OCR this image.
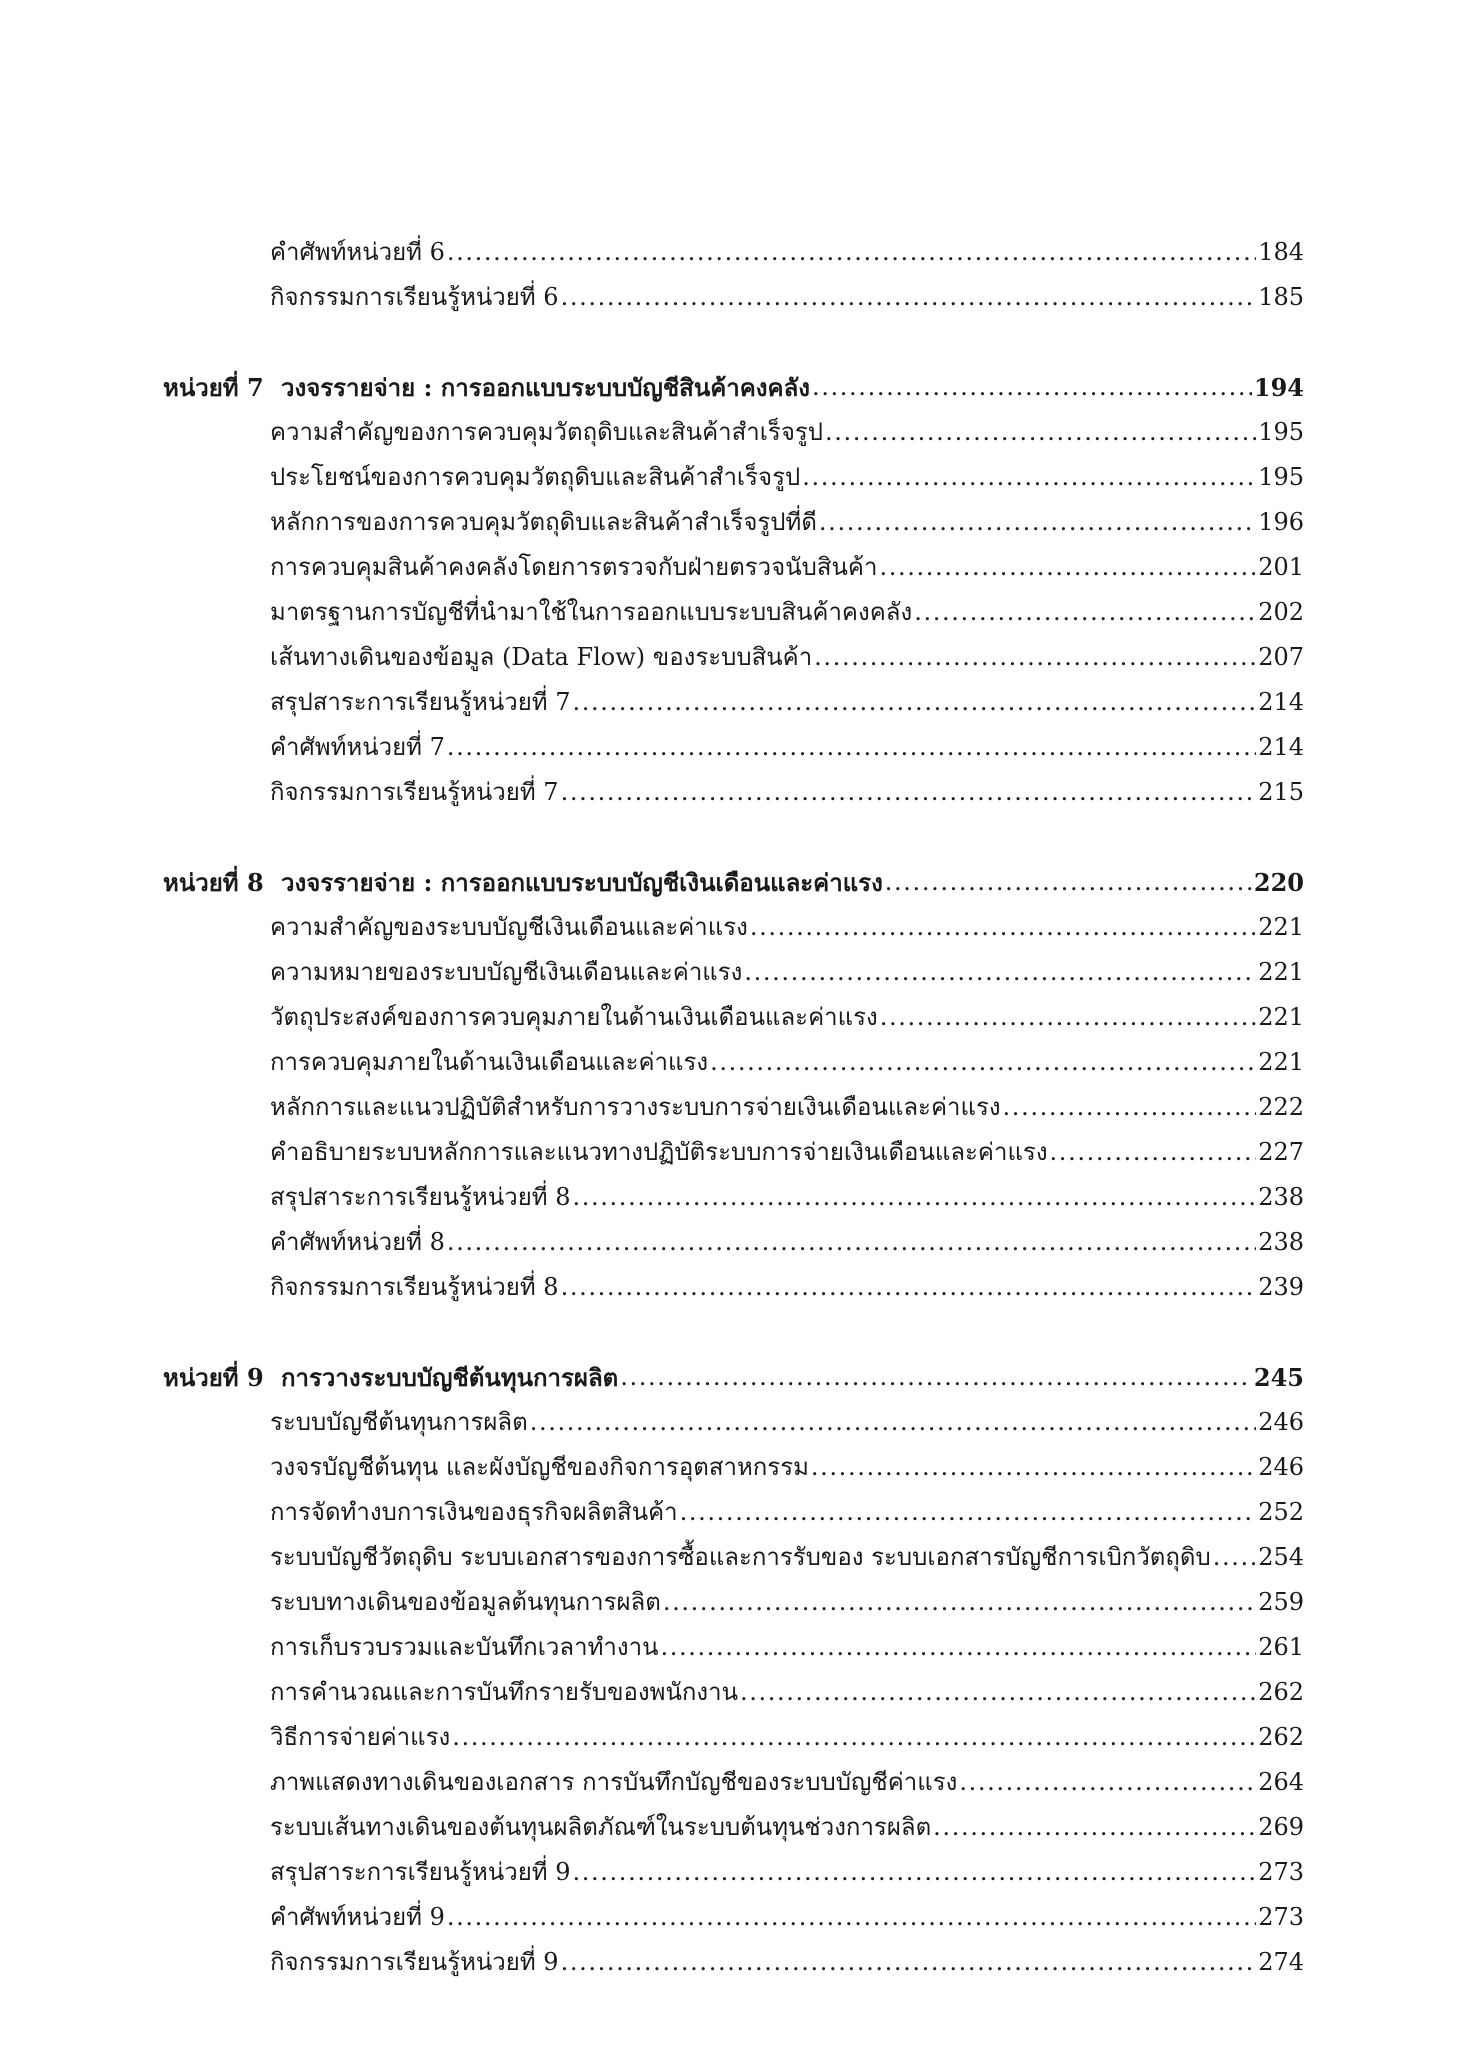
คำศัพท์หน่วยที่ 6 . . .	184
กิจกรรมการเรียนรู้หน่วยที่ 6 . . .	185
หน่วยที่ 7 วงจรรายจ่าย : การออกแบบระบบบัญชีสินค้าคงคลัง . . .	194
ความสำคัญของการควบคุมวัตถุดิบและสินค้าสำเร็จรูป . . .	195
ประโยชน์ของการควบคุมวัตถุดิบและสินค้าสำเร็จรูป . . .	195
หลักการของการควบคุมวัตถุดิบและสินค้าสำเร็จรูปที่ดี . . .	196
การควบคุมสินค้าคงคลังโดยการตรวจกับฝ่ายตรวจนับสินค้า . . .	201
มาตรฐานการบัญชีที่นำมาใช้ในการออกแบบระบบสินค้าคงคลัง . . .	202
เส้นทางเดินของข้อมูล (Data Flow) ของระบบสินค้า . . .	207
สรุปสาระการเรียนรู้หน่วยที่ 7 . . .	214
คำศัพท์หน่วยที่ 7 . . .	214
กิจกรรมการเรียนรู้หน่วยที่ 7 . . .	215
หน่วยที่ 8 วงจรรายจ่าย : การออกแบบระบบบัญชีเงินเดือนและค่าแรง . . .	220
ความสำคัญของระบบบัญชีเงินเดือนและค่าแรง . . .	221
ความหมายของระบบบัญชีเงินเดือนและค่าแรง . . .	221
วัตถุประสงค์ของการควบคุมภายในด้านเงินเดือนและค่าแรง . . .	221
การควบคุมภายในด้านเงินเดือนและค่าแรง . . .	221
หลักการและแนวปฏิบัติสำหรับการวางระบบการจ่ายเงินเดือนและค่าแรง . . .	222
คำอธิบายระบบหลักการและแนวทางปฏิบัติระบบการจ่ายเงินเดือนและค่าแรง . . .	227
สรุปสาระการเรียนรู้หน่วยที่ 8 . . .	238
คำศัพท์หน่วยที่ 8 . . .	238
กิจกรรมการเรียนรู้หน่วยที่ 8 . . .	239
หน่วยที่ 9 การวางระบบบัญชีต้นทุนการผลิต . . .	245
ระบบบัญชีต้นทุนการผลิต . . .	246
วงจรบัญชีต้นทุน และผังบัญชีของกิจการอุตสาหกรรม . . .	246
การจัดทำงบการเงินของธุรกิจผลิตสินค้า . . .	252
ระบบบัญชีวัตถุดิบ ระบบเอกสารของการซื้อและการรับของ ระบบเอกสารบัญชีการเบิกวัตถุดิบ . . . 254
ระบบทางเดินของข้อมูลต้นทุนการผลิต . . .	259
การเก็บรวบรวมและบันทึกเวลาทำงาน . . .	261
การคำนวณและการบันทึกรายรับของพนักงาน . . .	262
วิธีการจ่ายค่าแรง . . .	262
ภาพแสดงทางเดินของเอกสาร การบันทึกบัญชีของระบบบัญชีค่าแรง . . .	264
ระบบเส้นทางเดินของต้นทุนผลิตภัณฑ์ในระบบต้นทุนช่วงการผลิต . . .	269
สรุปสาระการเรียนรู้หน่วยที่ 9 . . .	273
คำศัพท์หน่วยที่ 9 . . .	273
กิจกรรมการเรียนรู้หน่วยที่ 9 . . .	274
